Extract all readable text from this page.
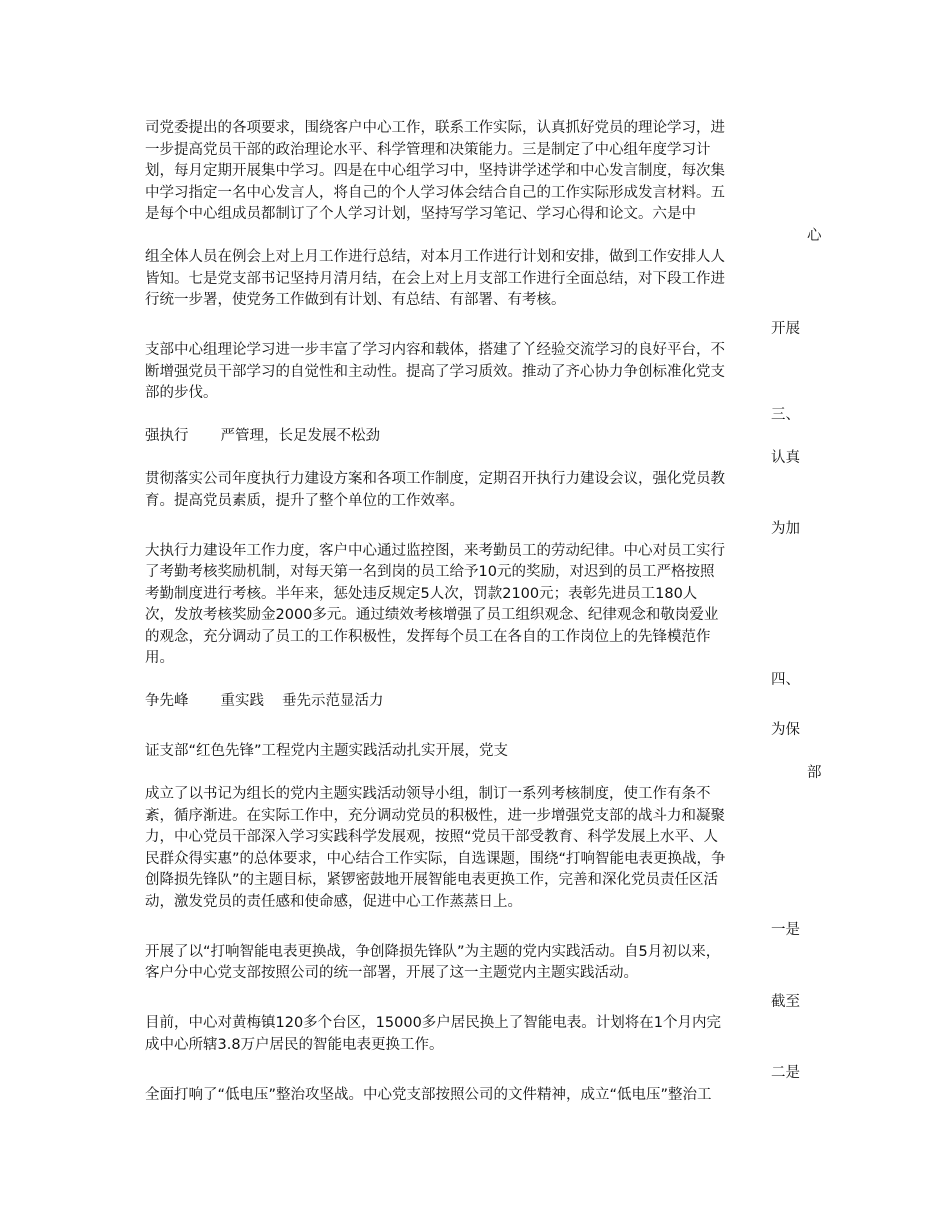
司党委提出的各项要求，围绕客户中心工作，联系工作实际，认真抓好党员的理论学习，进
一步提高党员干部的政治理论水平、科学管理和决策能力。三是制定了中心组年度学习计
划，每月定期开展集中学习。四是在中心组学习中，坚持讲学述学和中心发言制度，每次集
中学习指定一名中心发言人，将自己的个人学习体会结合自己的工作实际形成发言材料。五
是每个中心组成员都制订了个人学习计划，坚持写学习笔记、学习心得和论文。六是中
心
组全体人员在例会上对上月工作进行总结，对本月工作进行计划和安排，做到工作安排人人
皆知。七是党支部书记坚持月清月结，在会上对上月支部工作进行全面总结，对下段工作进
行统一步署，使党务工作做到有计划、有总结、有部署、有考核。
开展
支部中心组理论学习进一步丰富了学习内容和载体，搭建了丫经验交流学习的良好平台，不
断增强党员干部学习的自觉性和主动性。提高了学习质效。推动了齐心协力争创标准化党支
部的步伐。
三、
强执行 严管理，长足发展不松劲
认真
贯彻落实公司年度执行力建设方案和各项工作制度，定期召开执行力建设会议，强化党员教
育。提高党员素质，提升了整个单位的工作效率。
为加
大执行力建设年工作力度，客户中心通过监控图，来考勤员工的劳动纪律。中心对员工实行
了考勤考核奖励机制，对每天第一名到岗的员工给予10元的奖励，对迟到的员工严格按照
考勤制度进行考核。半年来，惩处违反规定5人次，罚款2100元；表彰先进员工180人
次，发放考核奖励金2000多元。通过绩效考核增强了员工组织观念、纪律观念和敬岗爱业
的观念，充分调动了员工的工作积极性，发挥每个员工在各自的工作岗位上的先锋模范作
用。
四、
争先峰 重实践 垂先示范显活力
为保
证支部“红色先锋”工程党内主题实践活动扎实开展，党支
部
成立了以书记为组长的党内主题实践活动领导小组，制订一系列考核制度，使工作有条不
紊，循序渐进。在实际工作中，充分调动党员的积极性，进一步增强党支部的战斗力和凝聚
力，中心党员干部深入学习实践科学发展观，按照“党员干部受教育、科学发展上水平、人
民群众得实惠”的总体要求，中心结合工作实际，自选课题，围绕“打响智能电表更换战，争
创降损先锋队”的主题目标，紧锣密鼓地开展智能电表更换工作，完善和深化党员责任区活
动，激发党员的责任感和使命感，促进中心工作蒸蒸日上。
一是
开展了以“打响智能电表更换战，争创降损先锋队”为主题的党内实践活动。自5月初以来，
客户分中心党支部按照公司的统一部署，开展了这一主题党内主题实践活动。
截至
目前，中心对黄梅镇120多个台区，15000多户居民换上了智能电表。计划将在1个月内完
成中心所辖3.8万户居民的智能电表更换工作。
二是
全面打响了“低电压”整治攻坚战。中心党支部按照公司的文件精神，成立“低电压”整治工
